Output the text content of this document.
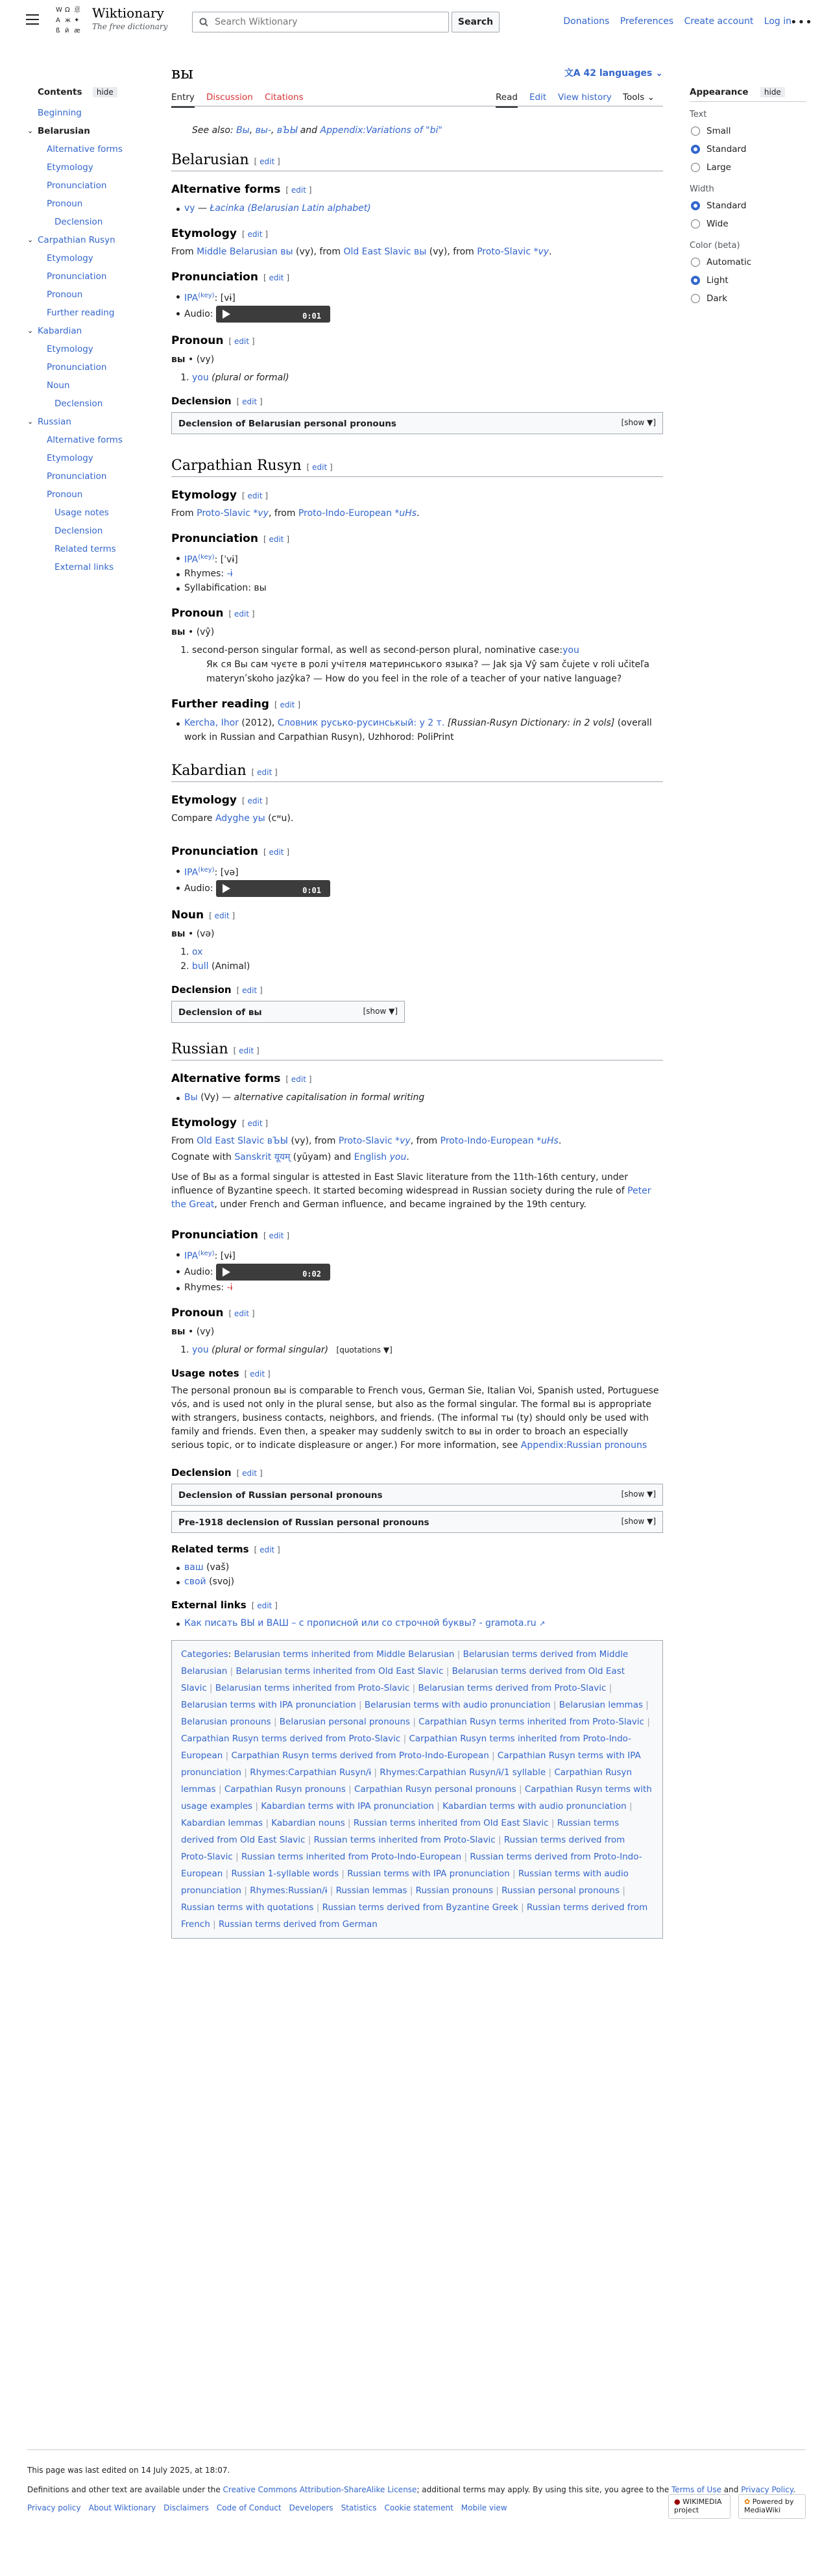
W Ω 意
A ж ✦
ß й æ
Wiktionary
The free dictionary
Search Wiktionary	Search	Donations Preferences Create account Log in
•••
Contents hide
Beginning
⌄ Belarusian
Alternative forms
Etymology
Pronunciation
Pronoun
Declension
⌄ Carpathian Rusyn
Etymology
Pronunciation
Pronoun
Further reading
⌄ Kabardian
Etymology
Pronunciation
Noun
Declension
⌄ Russian
Alternative forms
Etymology
Pronunciation
Pronoun
Usage notes
Declension
Related terms
External links
Appearance hide
Text
Small
Standard
Large
Width
Standard
Wide
Color (beta)
Automatic
Light
Dark
вы	文A 42 languages ⌄
Entry Discussion Citations	Read Edit View history Tools ⌄
See also: Вы, вы-, вЪЫ and Appendix:Variations of "bi"
Belarusian [ edit ]
Alternative forms [ edit ]
vy — Łacinka (Belarusian Latin alphabet)
Etymology [ edit ]

From Middle Belarusian вы (vy), from Old East Slavic вы (vy), from Proto-Slavic *vy.

Pronunciation [ edit ]
$IPA^{(key)}$: [vɨ]
Audio:	0:01
Pronoun [ edit ]
вы • (vy)
1. you (plural or formal)
Declension [ edit ]
Declension of Belarusian personal pronouns	[show ▼]
Carpathian Rusyn [ edit ]
Etymology [ edit ]

From Proto-Slavic *vy, from Proto-Indo-European *uHs.

Pronunciation [ edit ]
$IPA^{(key)}$: [ˈvɨ]
Rhymes: -ɨ
Syllabification: вы
Pronoun [ edit ]
вы • (vŷ)
1. second-person singular formal, as well as second-person plural, nominative case:you
Як ся Вы сам чуєте в ролі учітеля материнського языка? — Jak sja Vŷ sam čujete v roli učiteľa materynʹskoho jazŷka? — How do you feel in the role of a teacher of your native language?
Further reading [ edit ]
Kercha, Ihor (2012), Словник русько-русинськый: у 2 т. [Russian-Rusyn Dictionary: in 2 vols] (overall work in Russian and Carpathian Rusyn), Uzhhorod: PoliPrint
Kabardian [ edit ]
Etymology [ edit ]

Compare Adyghe уы (cʷu).

Pronunciation [ edit ]
$IPA^{(key)}$: [və]
Audio:	0:01
Noun [ edit ]
вы • (və)
1. ox
2. bull (Animal)
Declension [ edit ]
Declension of вы	[show ▼]
Russian [ edit ]
Alternative forms [ edit ]
Вы (Vy) — alternative capitalisation in formal writing
Etymology [ edit ]

From Old East Slavic вЪЫ (vy), from Proto-Slavic *vy, from Proto-Indo-European *uHs.

Cognate with Sanskrit यूयम् (yūyam) and English you.

Use of Вы as a formal singular is attested in East Slavic literature from the 11th-16th century, under influence of Byzantine speech. It started becoming widespread in Russian society during the rule of Peter the Great, under French and German influence, and became ingrained by the 19th century.

Pronunciation [ edit ]
$IPA^{(key)}$: [vɨ]
Audio:	0:02
Rhymes: -ɨ
Pronoun [ edit ]
вы • (vy)
1. you (plural or formal singular) [quotations ▼]
Usage notes [ edit ]

The personal pronoun вы is comparable to French vous, German Sie, Italian Voi, Spanish usted, Portuguese vós, and is used not only in the plural sense, but also as the formal singular. The formal вы is appropriate with strangers, business contacts, neighbors, and friends. (The informal ты (ty) should only be used with family and friends. Even then, a speaker may suddenly switch to вы in order to broach an especially serious topic, or to indicate displeasure or anger.) For more information, see Appendix:Russian pronouns

Declension [ edit ]
Declension of Russian personal pronouns	[show ▼]
Pre-1918 declension of Russian personal pronouns	[show ▼]
Related terms [ edit ]
ваш (vaš)
свой (svoj)
External links [ edit ]
Как писать ВЫ и ВАШ – с прописной или со строчной буквы? - gramota.ru ↗
Categories: Belarusian terms inherited from Middle Belarusian | Belarusian terms derived from Middle Belarusian | Belarusian terms inherited from Old East Slavic | Belarusian terms derived from Old East Slavic | Belarusian terms inherited from Proto-Slavic | Belarusian terms derived from Proto-Slavic | Belarusian terms with IPA pronunciation | Belarusian terms with audio pronunciation | Belarusian lemmas | Belarusian pronouns | Belarusian personal pronouns | Carpathian Rusyn terms inherited from Proto-Slavic | Carpathian Rusyn terms derived from Proto-Slavic | Carpathian Rusyn terms inherited from Proto-Indo-European | Carpathian Rusyn terms derived from Proto-Indo-European | Carpathian Rusyn terms with IPA pronunciation | Rhymes:Carpathian Rusyn/ɨ | Rhymes:Carpathian Rusyn/ɨ/1 syllable | Carpathian Rusyn lemmas | Carpathian Rusyn pronouns | Carpathian Rusyn personal pronouns | Carpathian Rusyn terms with usage examples | Kabardian terms with IPA pronunciation | Kabardian terms with audio pronunciation | Kabardian lemmas | Kabardian nouns | Russian terms inherited from Old East Slavic | Russian terms derived from Old East Slavic | Russian terms inherited from Proto-Slavic | Russian terms derived from Proto-Slavic | Russian terms inherited from Proto-Indo-European | Russian terms derived from Proto-Indo-European | Russian 1-syllable words | Russian terms with IPA pronunciation | Russian terms with audio pronunciation | Rhymes:Russian/ɨ | Russian lemmas | Russian pronouns | Russian personal pronouns | Russian terms with quotations | Russian terms derived from Byzantine Greek | Russian terms derived from French | Russian terms derived from German

This page was last edited on 14 July 2025, at 18:07.

Definitions and other text are available under the Creative Commons Attribution-ShareAlike License; additional terms may apply. By using this site, you agree to the Terms of Use and Privacy Policy.

Privacy policy About Wiktionary Disclaimers Code of Conduct Developers Statistics Cookie statement Mobile view
● WIKIMEDIA project
✿ Powered by MediaWiki
